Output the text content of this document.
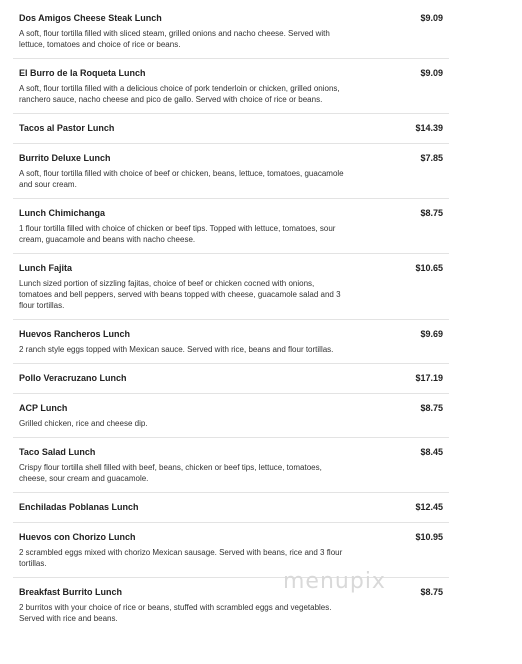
Dos Amigos Cheese Steak Lunch	$9.09
A soft, flour tortilla filled with sliced steam, grilled onions and nacho cheese. Served with lettuce, tomatoes and choice of rice or beans.
El Burro de la Roqueta Lunch	$9.09
A soft, flour tortilla filled with a delicious choice of pork tenderloin or chicken, grilled onions, ranchero sauce, nacho cheese and pico de gallo. Served with choice of rice or beans.
Tacos al Pastor Lunch	$14.39
Burrito Deluxe Lunch	$7.85
A soft, flour tortilla filled with choice of beef or chicken, beans, lettuce, tomatoes, guacamole and sour cream.
Lunch Chimichanga	$8.75
1 flour tortilla filled with choice of chicken or beef tips. Topped with lettuce, tomatoes, sour cream, guacamole and beans with nacho cheese.
Lunch Fajita	$10.65
Lunch sized portion of sizzling fajitas, choice of beef or chicken cocned with onions, tomatoes and bell peppers, served with beans topped with cheese, guacamole salad and 3 flour tortillas.
Huevos Rancheros Lunch	$9.69
2 ranch style eggs topped with Mexican sauce. Served with rice, beans and flour tortillas.
Pollo Veracruzano Lunch	$17.19
ACP Lunch	$8.75
Grilled chicken, rice and cheese dip.
Taco Salad Lunch	$8.45
Crispy flour tortilla shell filled with beef, beans, chicken or beef tips, lettuce, tomatoes, cheese, sour cream and guacamole.
Enchiladas Poblanas Lunch	$12.45
Huevos con Chorizo Lunch	$10.95
2 scrambled eggs mixed with chorizo Mexican sausage. Served with beans, rice and 3 flour tortillas.
Breakfast Burrito Lunch	$8.75
2 burritos with your choice of rice or beans, stuffed with scrambled eggs and vegetables. Served with rice and beans.
menupix
